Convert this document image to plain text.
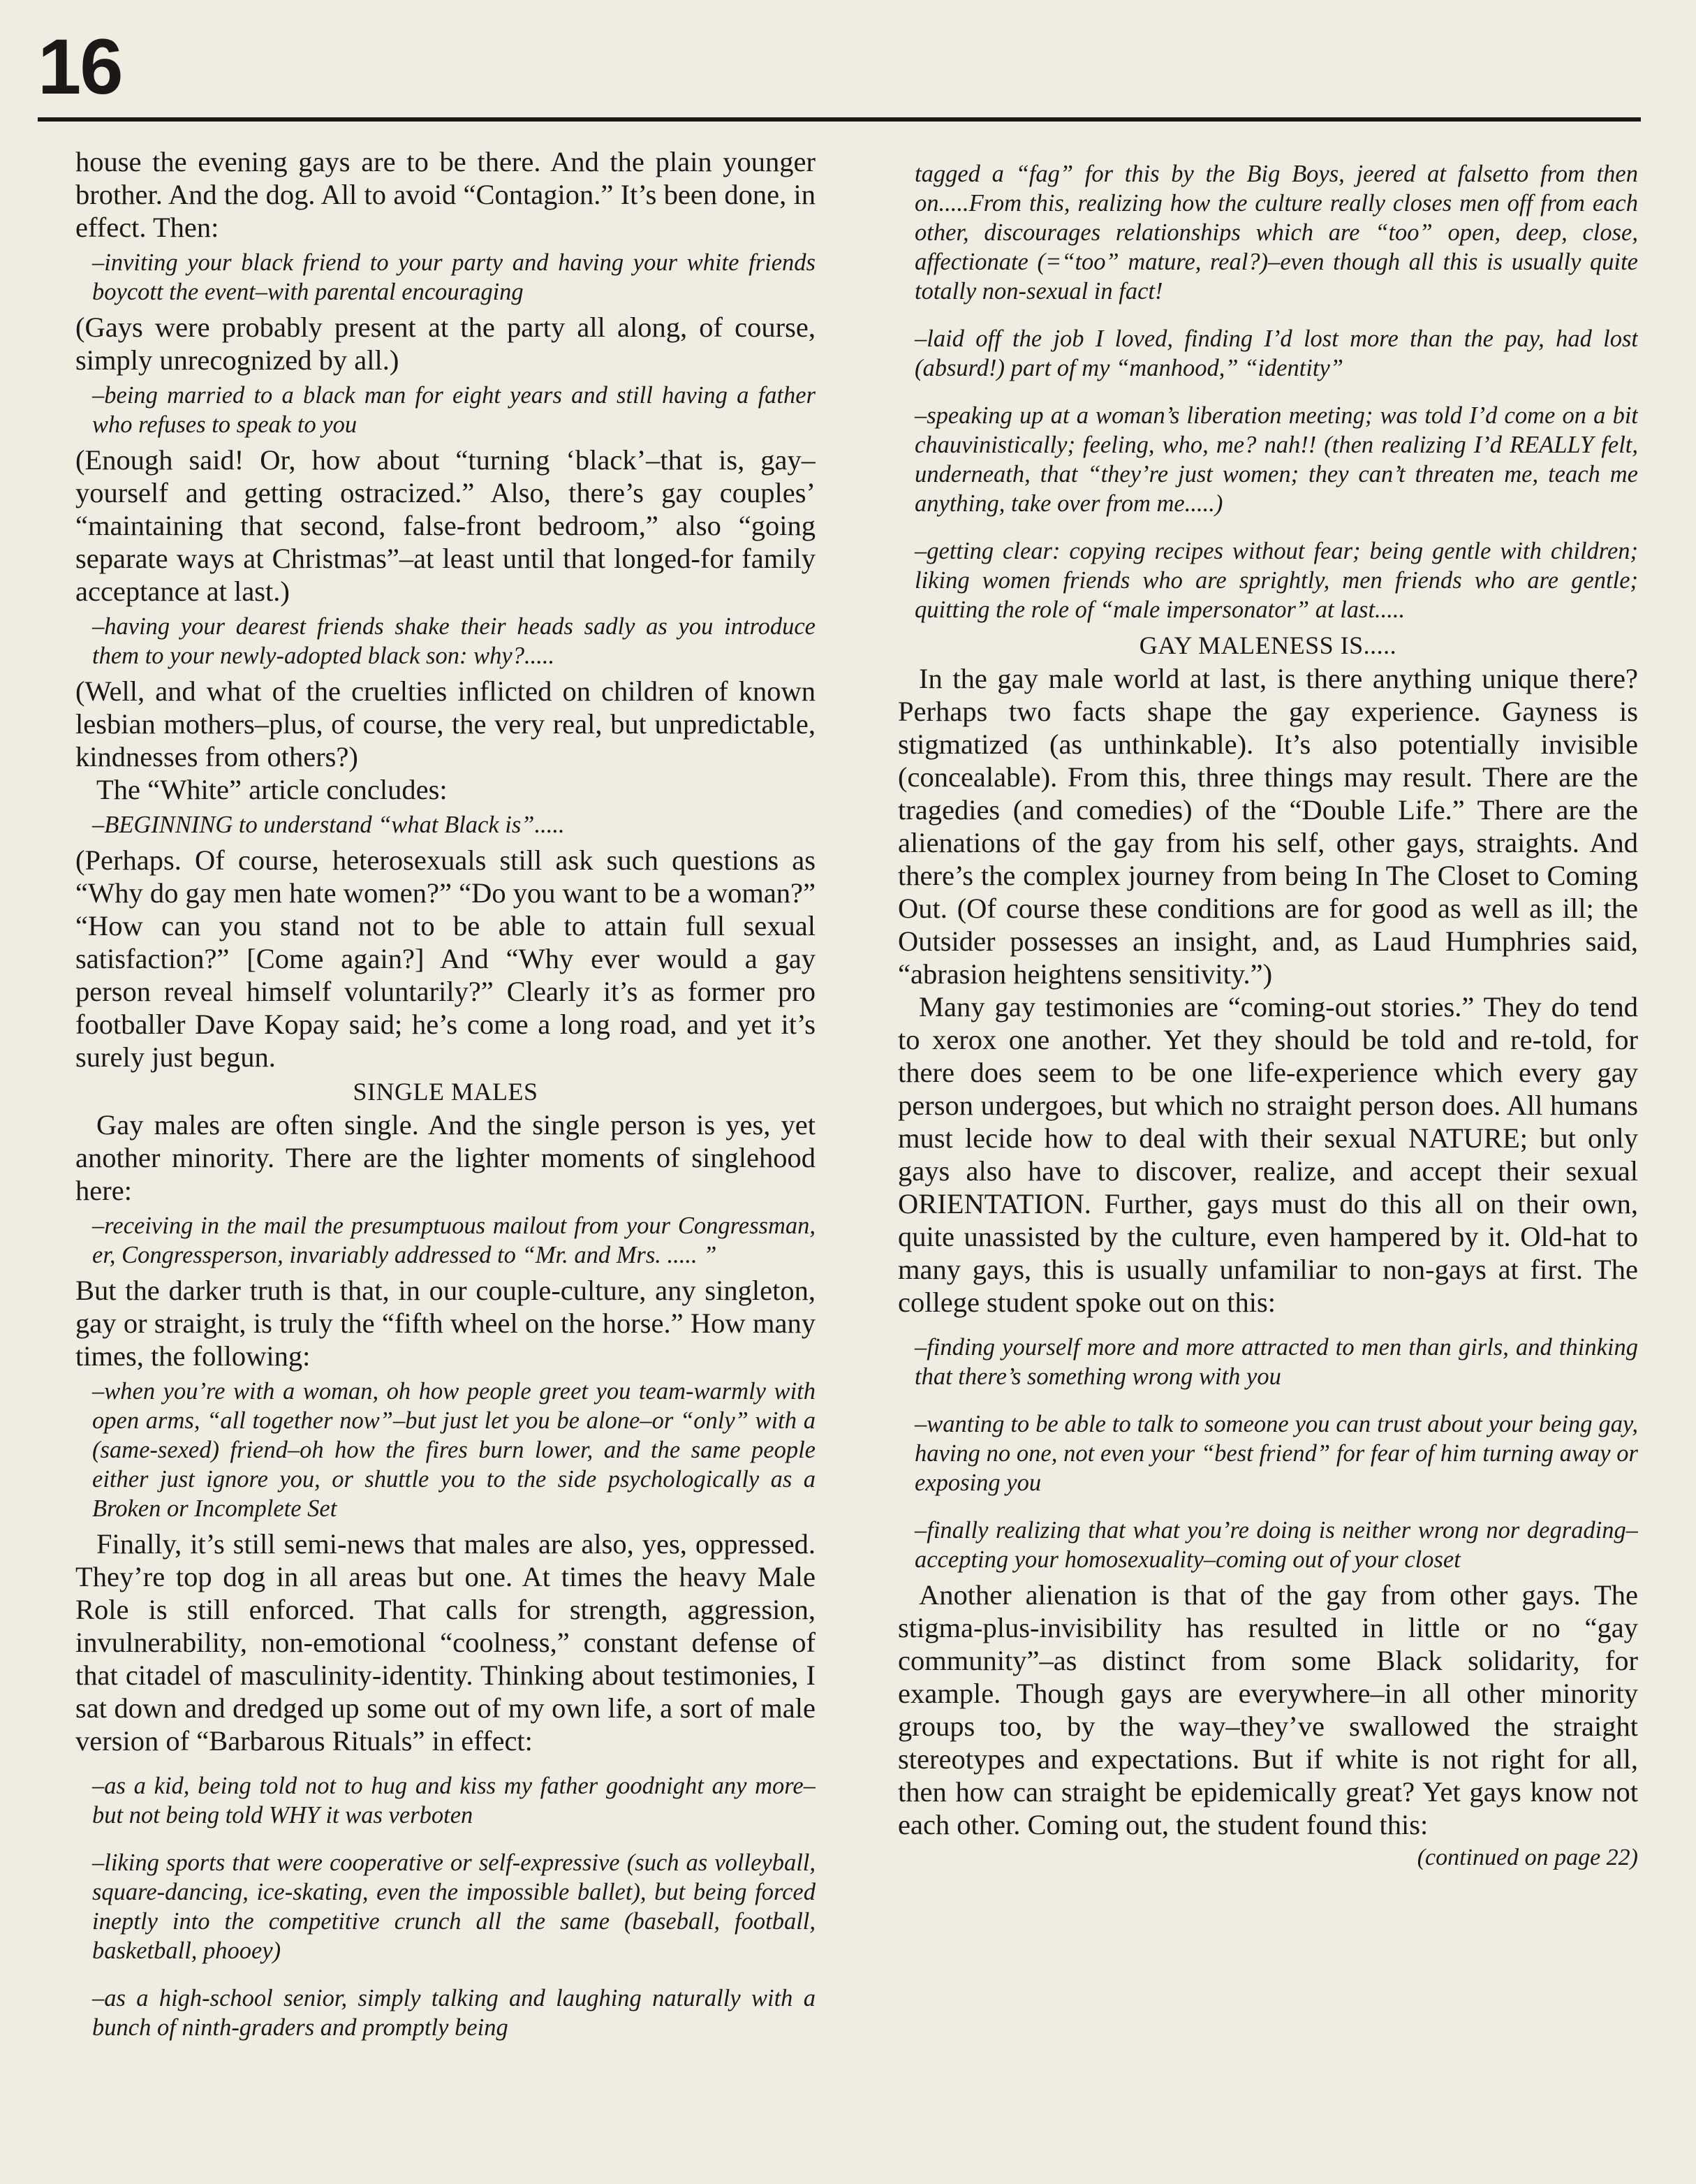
16

house the evening gays are to be there. And the plain younger brother. And the dog. All to avoid “Contagion.” It’s been done, in effect. Then:

–inviting your black friend to your party and having your white friends boycott the event–with parental encouraging

(Gays were probably present at the party all along, of course, simply unrecognized by all.)

–being married to a black man for eight years and still having a father who refuses to speak to you

(Enough said! Or, how about “turning ‘black’–that is, gay–yourself and getting ostracized.” Also, there’s gay couples’ “maintaining that second, false-front bedroom,” also “going separate ways at Christmas”–at least until that longed-for family acceptance at last.)

–having your dearest friends shake their heads sadly as you introduce them to your newly-adopted black son: why?.....

(Well, and what of the cruelties inflicted on children of known lesbian mothers–plus, of course, the very real, but unpredictable, kindnesses from others?)

The “White” article concludes:

–BEGINNING to understand “what Black is”.....

(Perhaps. Of course, heterosexuals still ask such questions as “Why do gay men hate women?” “Do you want to be a woman?” “How can you stand not to be able to attain full sexual satisfaction?” [Come again?] And “Why ever would a gay person reveal himself voluntarily?” Clearly it’s as former pro footballer Dave Kopay said; he’s come a long road, and yet it’s surely just begun.

SINGLE MALES

Gay males are often single. And the single person is yes, yet another minority. There are the lighter moments of singlehood here:

–receiving in the mail the presumptuous mailout from your Congressman, er, Congressperson, invariably addressed to “Mr. and Mrs. ..... ”

But the darker truth is that, in our couple-culture, any singleton, gay or straight, is truly the “fifth wheel on the horse.” How many times, the following:

–when you’re with a woman, oh how people greet you team-warmly with open arms, “all together now”–but just let you be alone–or “only” with a (same-sexed) friend–oh how the fires burn lower, and the same people either just ignore you, or shuttle you to the side psychologically as a Broken or Incomplete Set

Finally, it’s still semi-news that males are also, yes, oppressed. They’re top dog in all areas but one. At times the heavy Male Role is still enforced. That calls for strength, aggression, invulnerability, non-emotional “coolness,” constant defense of that citadel of masculinity-identity. Thinking about testimonies, I sat down and dredged up some out of my own life, a sort of male version of “Barbarous Rituals” in effect:

–as a kid, being told not to hug and kiss my father goodnight any more–but not being told WHY it was verboten

–liking sports that were cooperative or self-expressive (such as volleyball, square-dancing, ice-skating, even the impossible ballet), but being forced ineptly into the competitive crunch all the same (baseball, football, basketball, phooey)

–as a high-school senior, simply talking and laughing naturally with a bunch of ninth-graders and promptly being

tagged a “fag” for this by the Big Boys, jeered at falsetto from then on.....From this, realizing how the culture really closes men off from each other, discourages relationships which are “too” open, deep, close, affectionate (=“too” mature, real?)–even though all this is usually quite totally non-sexual in fact!

–laid off the job I loved, finding I’d lost more than the pay, had lost (absurd!) part of my “manhood,” “identity”

–speaking up at a woman’s liberation meeting; was told I’d come on a bit chauvinistically; feeling, who, me? nah!! (then realizing I’d REALLY felt, underneath, that “they’re just women; they can’t threaten me, teach me anything, take over from me.....)

–getting clear: copying recipes without fear; being gentle with children; liking women friends who are sprightly, men friends who are gentle; quitting the role of “male impersonator” at last.....

GAY MALENESS IS.....

In the gay male world at last, is there anything unique there? Perhaps two facts shape the gay experience. Gayness is stigmatized (as unthinkable). It’s also potentially invisible (concealable). From this, three things may result. There are the tragedies (and comedies) of the “Double Life.” There are the alienations of the gay from his self, other gays, straights. And there’s the complex journey from being In The Closet to Coming Out. (Of course these conditions are for good as well as ill; the Outsider possesses an insight, and, as Laud Humphries said, “abrasion heightens sensitivity.”)

Many gay testimonies are “coming-out stories.” They do tend to xerox one another. Yet they should be told and re-told, for there does seem to be one life-experience which every gay person undergoes, but which no straight person does. All humans must lecide how to deal with their sexual NATURE; but only gays also have to discover, realize, and accept their sexual ORIENTATION. Further, gays must do this all on their own, quite unassisted by the culture, even hampered by it. Old-hat to many gays, this is usually unfamiliar to non-gays at first. The college student spoke out on this:

–finding yourself more and more attracted to men than girls, and thinking that there’s something wrong with you

–wanting to be able to talk to someone you can trust about your being gay, having no one, not even your “best friend” for fear of him turning away or exposing you

–finally realizing that what you’re doing is neither wrong nor degrading–accepting your homosexuality–coming out of your closet

Another alienation is that of the gay from other gays. The stigma-plus-invisibility has resulted in little or no “gay community”–as distinct from some Black solidarity, for example. Though gays are everywhere–in all other minority groups too, by the way–they’ve swallowed the straight stereotypes and expectations. But if white is not right for all, then how can straight be epidemically great? Yet gays know not each other. Coming out, the student found this:

(continued on page 22)
